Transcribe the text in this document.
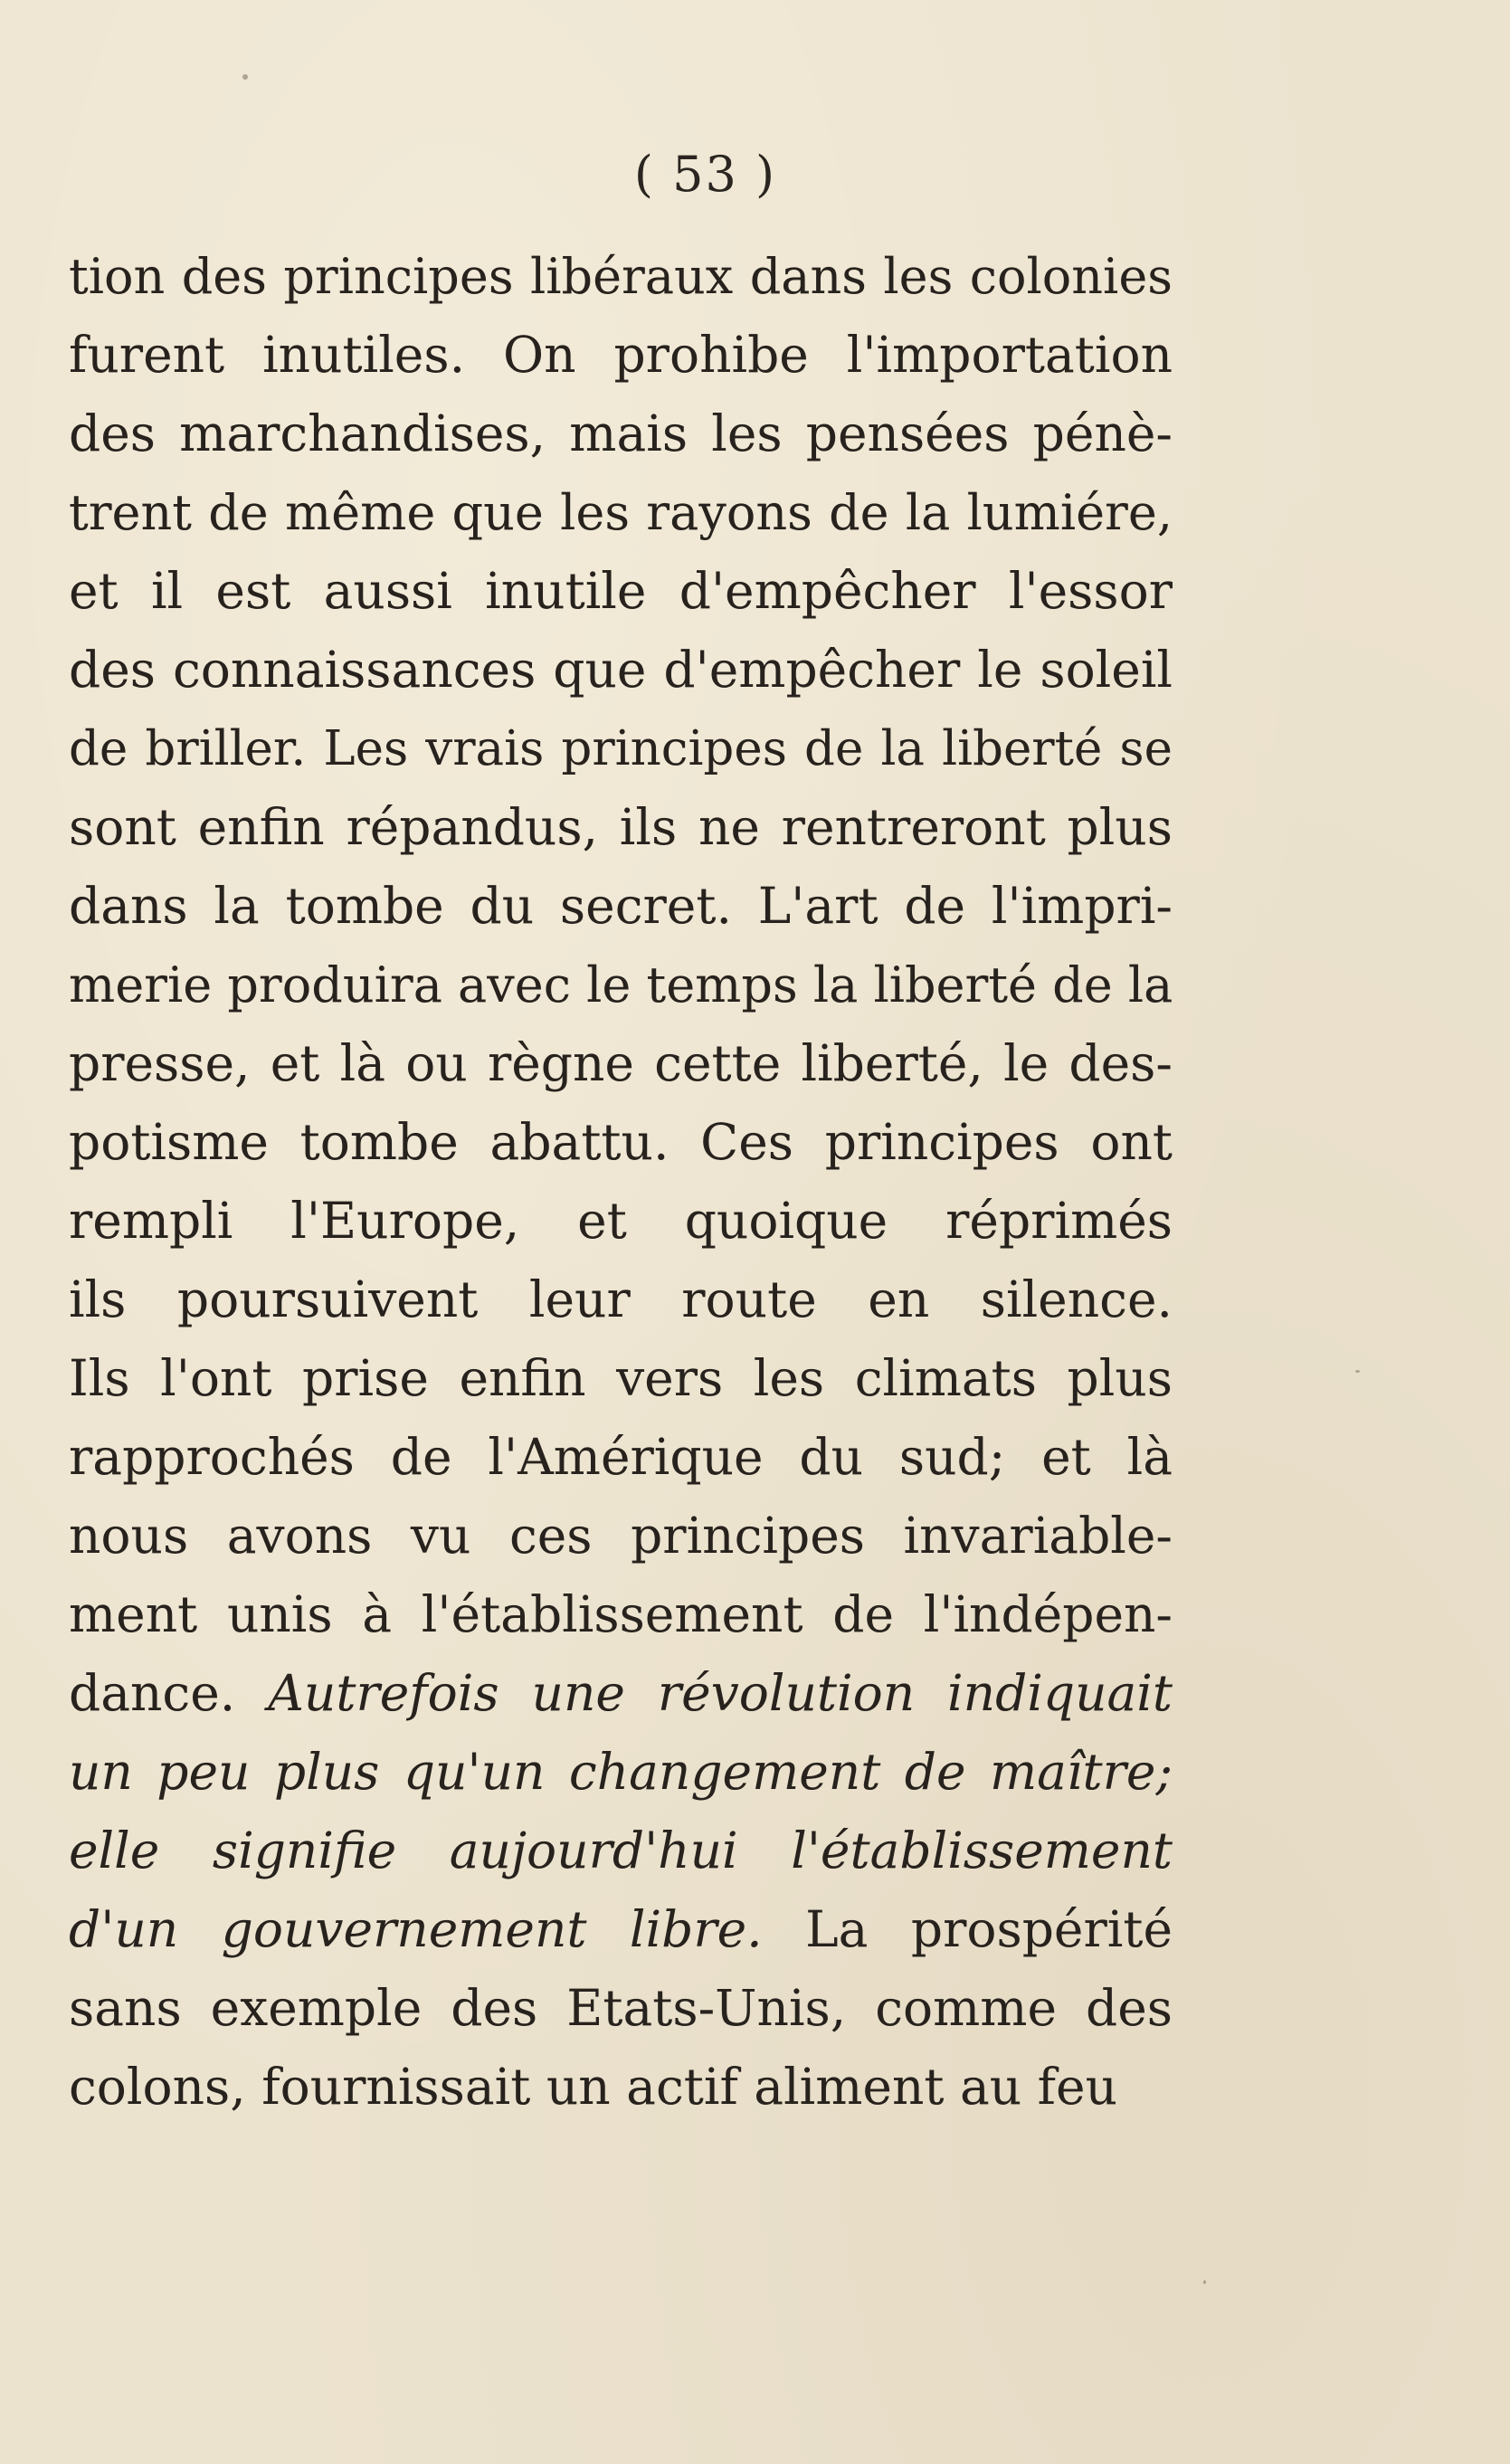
( 53 )
tion des principes libéraux dans les colonies
furent inutiles. On prohibe l'importation
des marchandises, mais les pensées pénè-
trent de même que les rayons de la lumiére,
et il est aussi inutile d'empêcher l'essor
des connaissances que d'empêcher le soleil
de briller. Les vrais principes de la liberté se
sont enfin répandus, ils ne rentreront plus
dans la tombe du secret. L'art de l'impri-
merie produira avec le temps la liberté de la
presse, et là ou règne cette liberté, le des-
potisme tombe abattu. Ces principes ont
rempli l'Europe, et quoique réprimés
ils poursuivent leur route en silence.
Ils l'ont prise enfin vers les climats plus
rapprochés de l'Amérique du sud; et là
nous avons vu ces principes invariable-
ment unis à l'établissement de l'indépen-
dance. Autrefois une révolution indiquait
un peu plus qu'un changement de maître;
elle signifie aujourd'hui l'établissement
d'un gouvernement libre. La prospérité
sans exemple des Etats-Unis, comme des
colons, fournissait un actif aliment au feu
